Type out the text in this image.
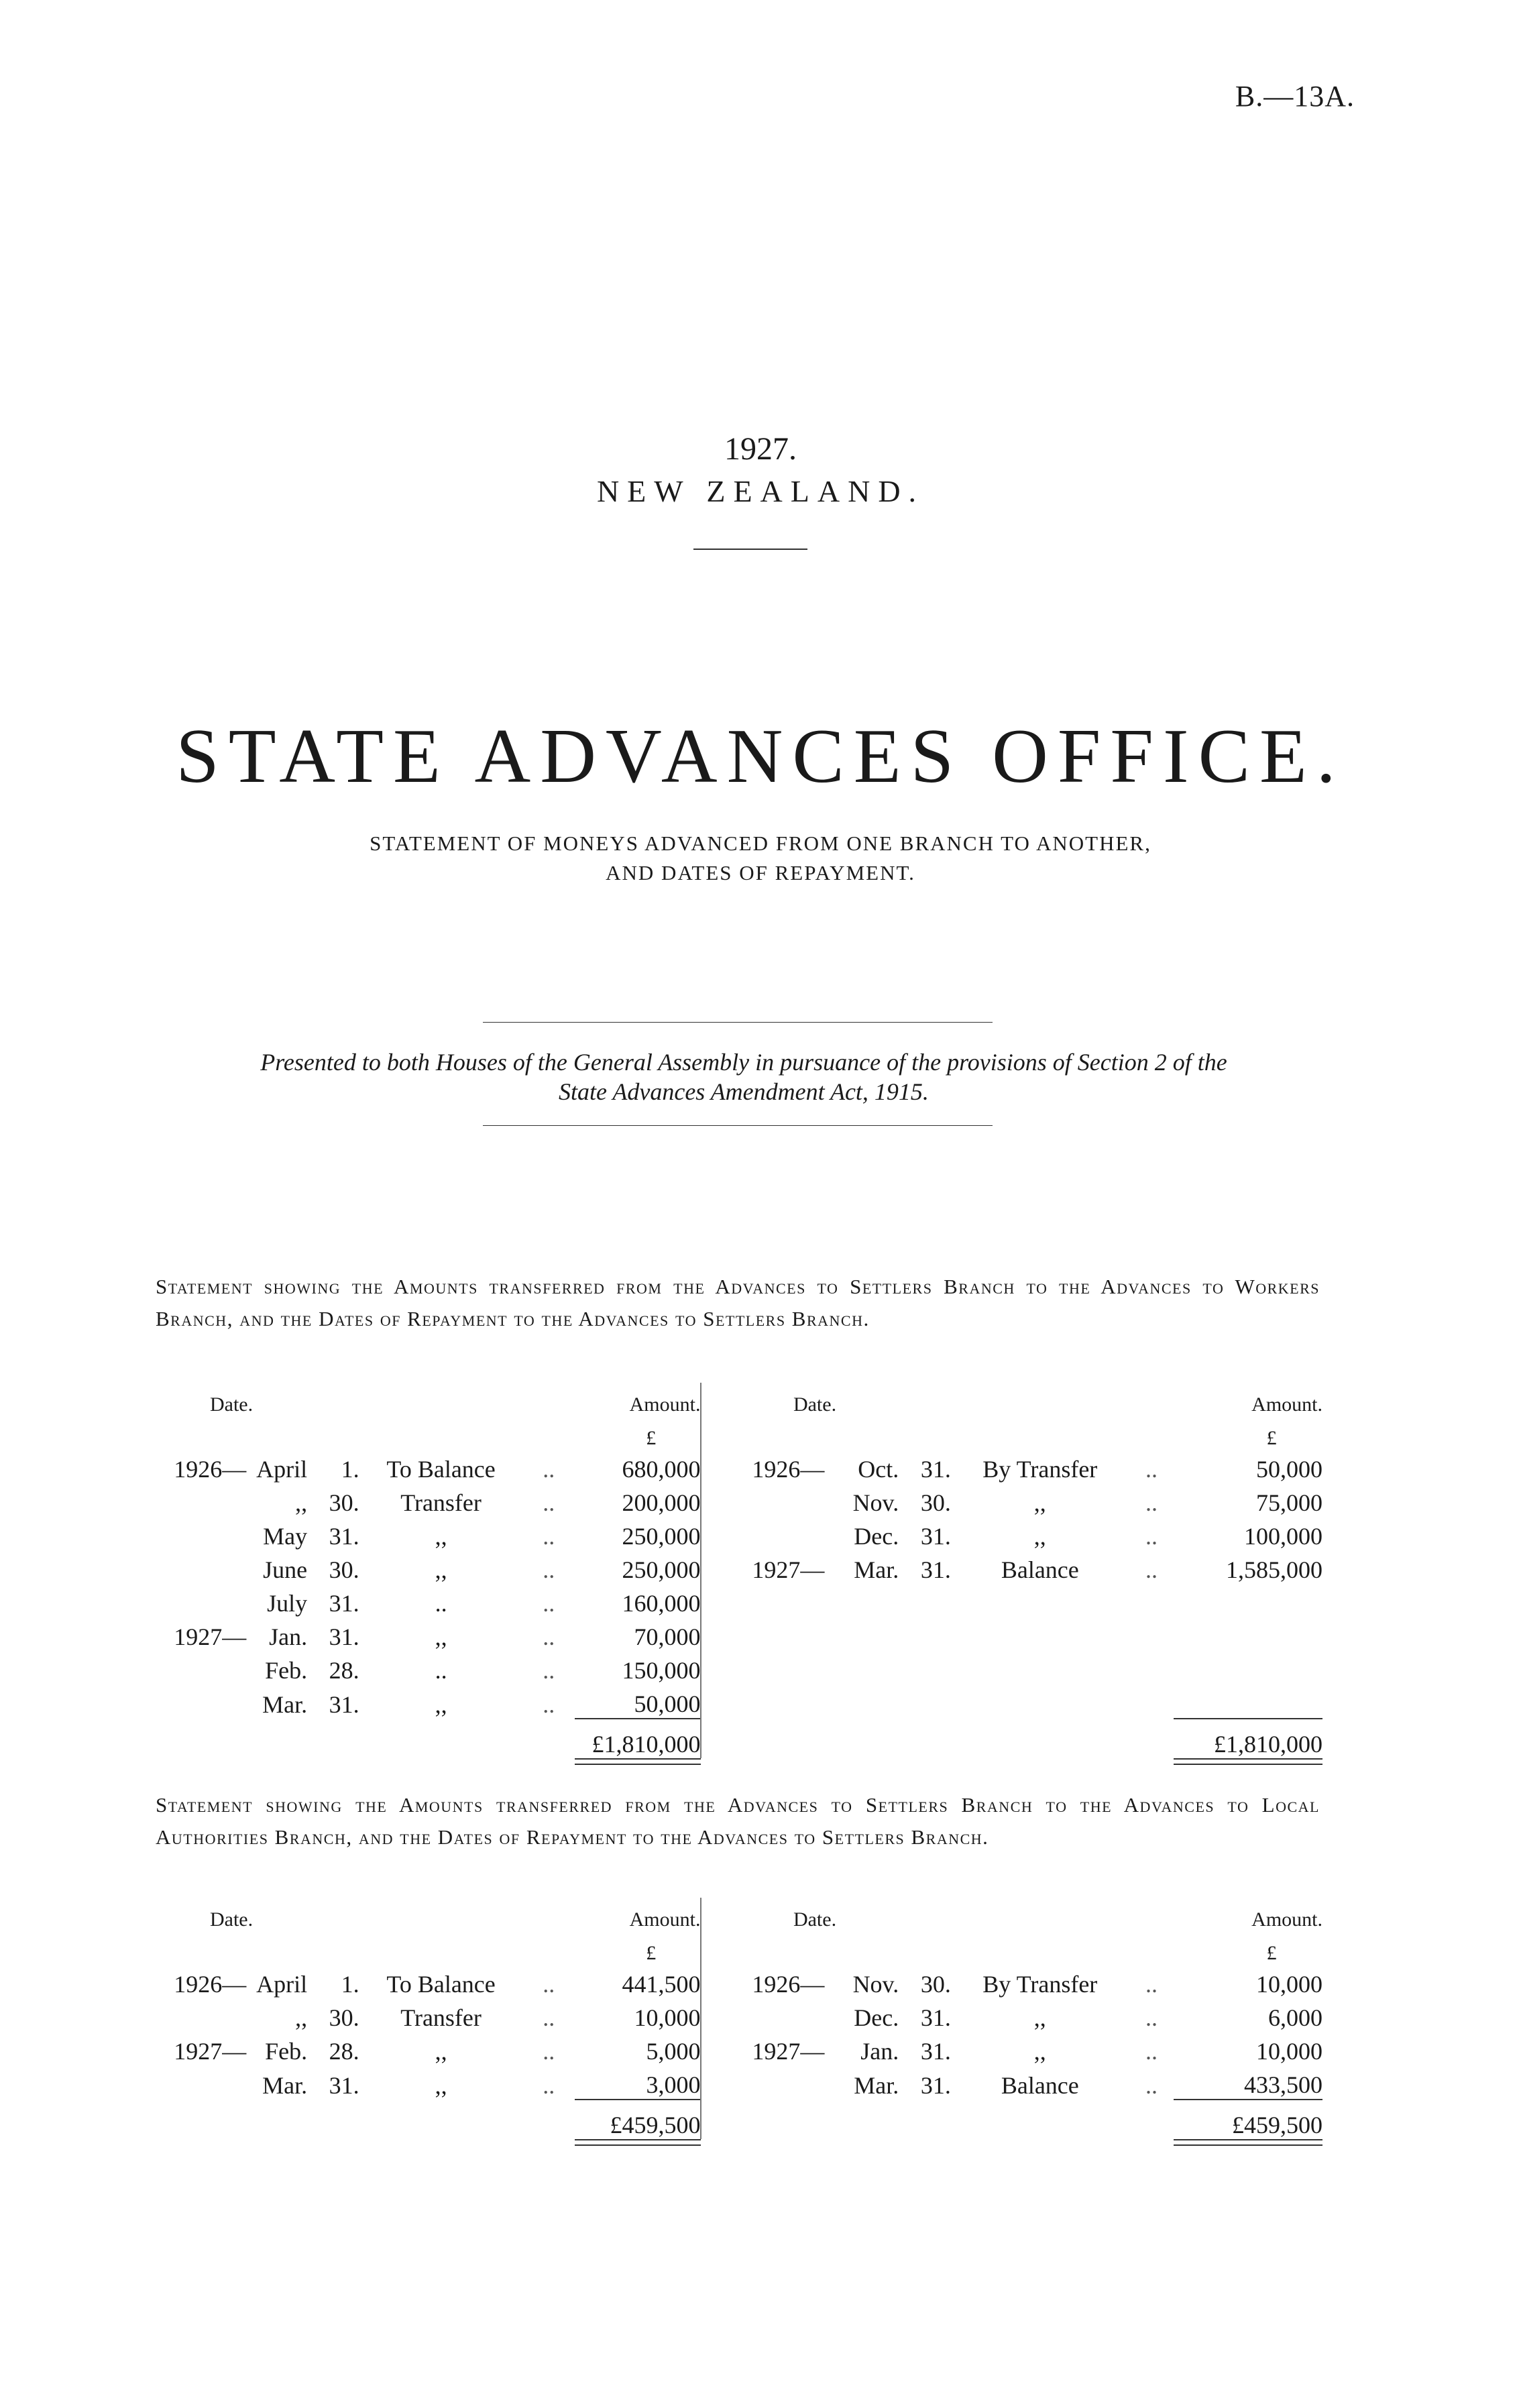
B.—13A.
1927.
NEW ZEALAND.
STATE ADVANCES OFFICE.
STATEMENT OF MONEYS ADVANCED FROM ONE BRANCH TO ANOTHER,
AND DATES OF REPAYMENT.
Presented to both Houses of the General Assembly in pursuance of the provisions of Section 2 of the
State Advances Amendment Act, 1915.
Statement showing the Amounts transferred from the Advances to Settlers Branch to the Advances to Workers Branch, and the Dates of Repayment to the Advances to Settlers Branch.
Date.					Amount.		Date.					Amount.
					£							£
1926—	April	1.	To Balance	..	680,000		1926—	Oct.	31.	By Transfer	..	50,000
	,,	30.	Transfer	..	200,000			Nov.	30.	,,	..	75,000
	May	31.	,,	..	250,000			Dec.	31.	,,	..	100,000
	June	30.	,,	..	250,000		1927—	Mar.	31.	Balance	..	1,585,000
	July	31.	..	..	160,000							
1927—	Jan.	31.	,,	..	70,000							
	Feb.	28.	..	..	150,000							
	Mar.	31.	,,	..	50,000							
					£1,810,000							£1,810,000

Statement showing the Amounts transferred from the Advances to Settlers Branch to the Advances to Local Authorities Branch, and the Dates of Repayment to the Advances to Settlers Branch.
Date.					Amount.		Date.					Amount.
					£							£
1926—	April	1.	To Balance	..	441,500		1926—	Nov.	30.	By Transfer	..	10,000
	,,	30.	Transfer	..	10,000			Dec.	31.	,,	..	6,000
1927—	Feb.	28.	,,	..	5,000		1927—	Jan.	31.	,,	..	10,000
	Mar.	31.	,,	..	3,000			Mar.	31.	Balance	..	433,500
					£459,500							£459,500
